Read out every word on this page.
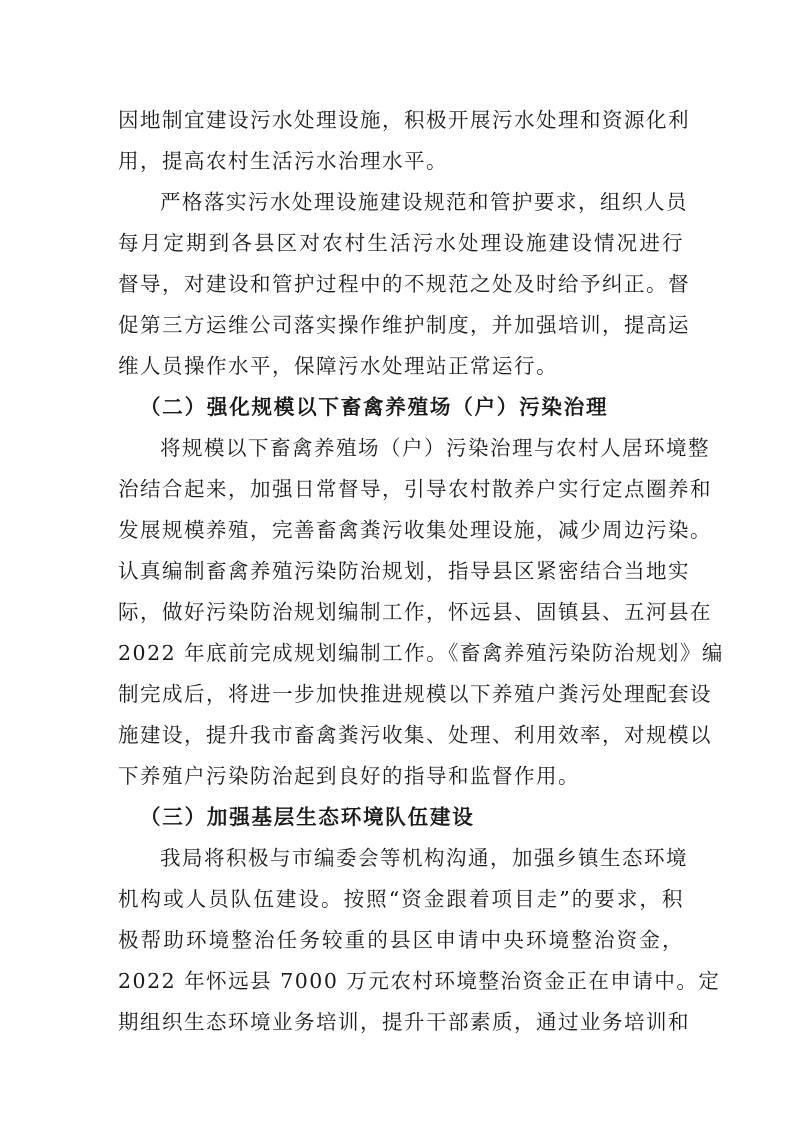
因地制宜建设污水处理设施，积极开展污水处理和资源化利
用，提高农村生活污水治理水平。
严格落实污水处理设施建设规范和管护要求，组织人员
每月定期到各县区对农村生活污水处理设施建设情况进行
督导，对建设和管护过程中的不规范之处及时给予纠正。督
促第三方运维公司落实操作维护制度，并加强培训，提高运
维人员操作水平，保障污水处理站正常运行。
（二）强化规模以下畜禽养殖场（户）污染治理
将规模以下畜禽养殖场（户）污染治理与农村人居环境整
治结合起来，加强日常督导，引导农村散养户实行定点圈养和
发展规模养殖，完善畜禽粪污收集处理设施，减少周边污染。
认真编制畜禽养殖污染防治规划，指导县区紧密结合当地实
际，做好污染防治规划编制工作，怀远县、固镇县、五河县在
2022 年底前完成规划编制工作。《畜禽养殖污染防治规划》编
制完成后，将进一步加快推进规模以下养殖户粪污处理配套设
施建设，提升我市畜禽粪污收集、处理、利用效率，对规模以
下养殖户污染防治起到良好的指导和监督作用。
（三）加强基层生态环境队伍建设
我局将积极与市编委会等机构沟通，加强乡镇生态环境
机构或人员队伍建设。按照“资金跟着项目走”的要求，积
极帮助环境整治任务较重的县区申请中央环境整治资金，
2022 年怀远县 7000 万元农村环境整治资金正在申请中。定
期组织生态环境业务培训，提升干部素质，通过业务培训和
